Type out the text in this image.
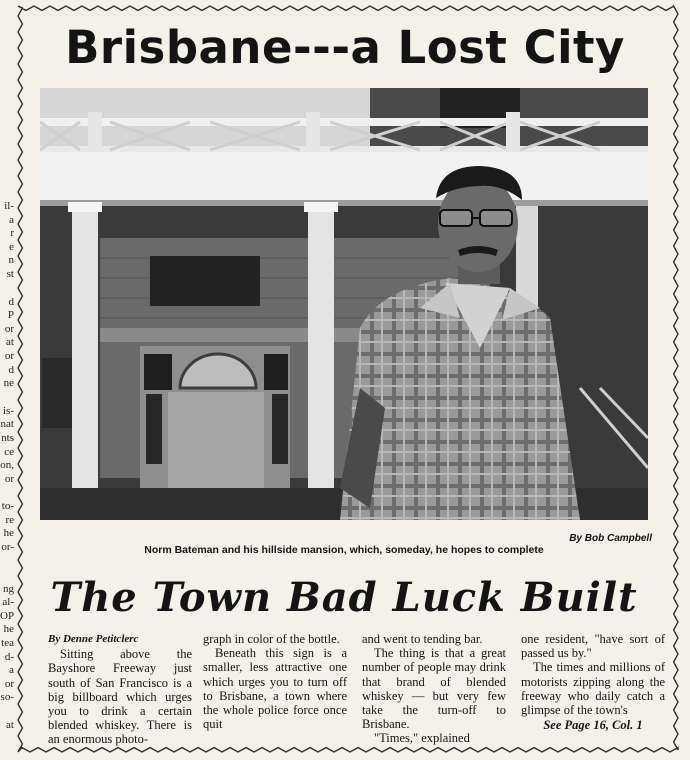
il-
a
r
e
n
st
d
P
or
at
or
d
ne
is-
nat
nts
ce
on,
or
to-
re
he
or-
ng
al-
OP
he
tea
d-
a
or
so-
at
Brisbane---a Lost City

By Bob Campbell

Norm Bateman and his hillside mansion, which, someday, he hopes to complete

The Town Bad Luck Built

By Denne Petitclerc

Sitting above the Bayshore Freeway just south of San Francisco is a big billboard which urges you to drink a certain blended whiskey. There is an enormous photo-

graph in color of the bottle.

Beneath this sign is a smaller, less attractive one which urges you to turn off to Brisbane, a town where the whole police force once quit

and went to tending bar.

The thing is that a great number of people may drink that brand of blended whiskey — but very few take the turn-off to Brisbane.

"Times," explained

one resident, "have sort of passed us by."

The times and millions of motorists zipping along the freeway who daily catch a glimpse of the town's

See Page 16, Col. 1
